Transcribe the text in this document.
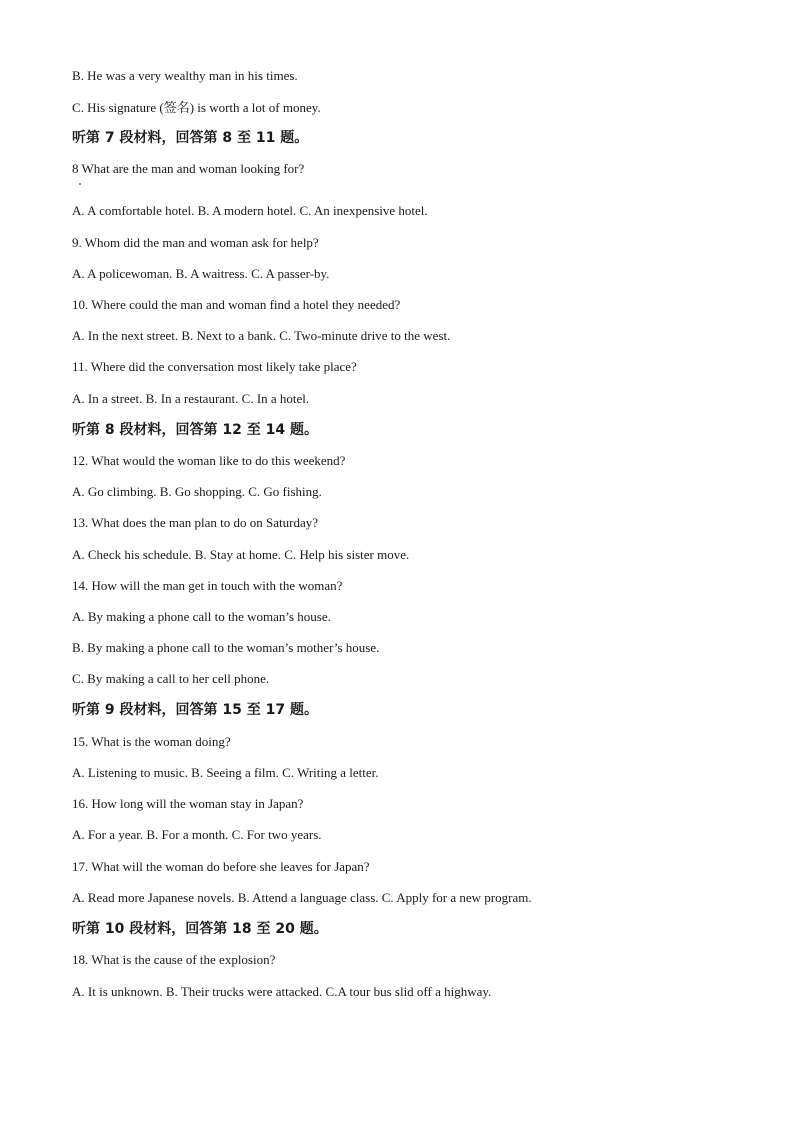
B. He was a very wealthy man in his times.
C. His signature (签名) is worth a lot of money.
听第 7 段材料，回答第 8 至 11 题。
8 What are the man and woman looking for?
A. A comfortable hotel. B. A modern hotel. C. An inexpensive hotel.
9. Whom did the man and woman ask for help?
A. A policewoman. B. A waitress. C. A passer-by.
10. Where could the man and woman find a hotel they needed?
A. In the next street. B. Next to a bank. C. Two-minute drive to the west.
11. Where did the conversation most likely take place?
A. In a street. B. In a restaurant. C. In a hotel.
听第 8 段材料，回答第 12 至 14 题。
12. What would the woman like to do this weekend?
A. Go climbing. B. Go shopping. C. Go fishing.
13. What does the man plan to do on Saturday?
A. Check his schedule. B. Stay at home. C. Help his sister move.
14. How will the man get in touch with the woman?
A. By making a phone call to the woman’s house.
B. By making a phone call to the woman’s mother’s house.
C. By making a call to her cell phone.
听第 9 段材料，回答第 15 至 17 题。
15. What is the woman doing?
A. Listening to music. B. Seeing a film. C. Writing a letter.
16. How long will the woman stay in Japan?
A. For a year. B. For a month. C. For two years.
17. What will the woman do before she leaves for Japan?
A. Read more Japanese novels. B. Attend a language class. C. Apply for a new program.
听第 10 段材料，回答第 18 至 20 题。
18. What is the cause of the explosion?
A. It is unknown. B. Their trucks were attacked. C.A tour bus slid off a highway.
